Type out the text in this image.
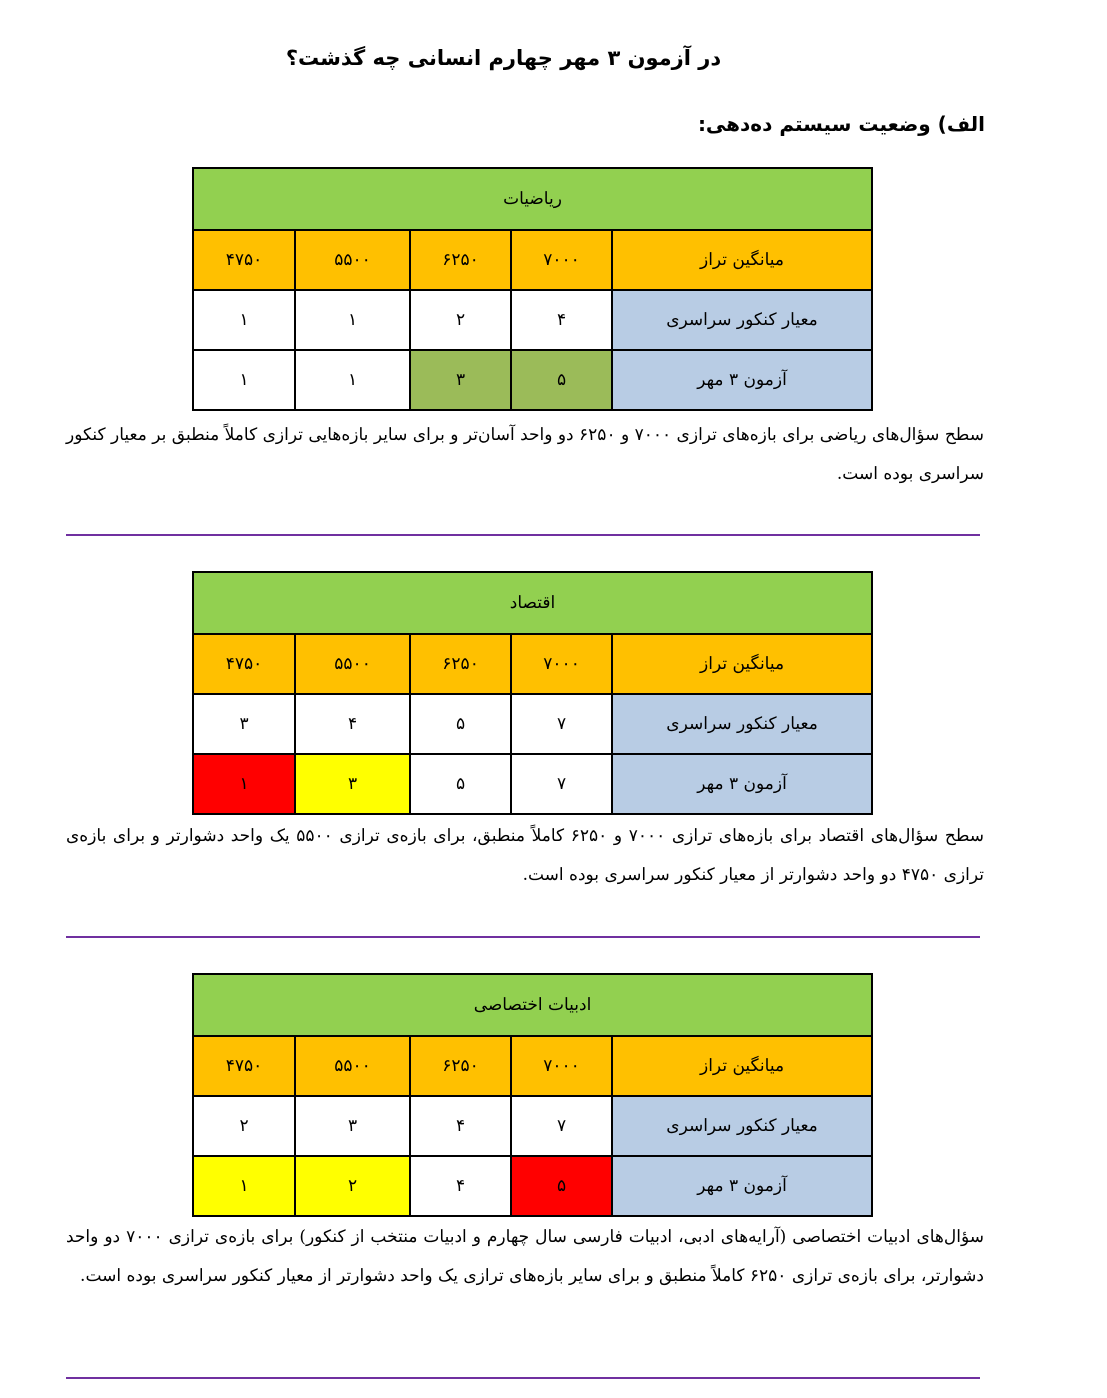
در آزمون ۳ مهر چهارم انسانی چه گذشت؟
الف) وضعیت سیستم ده‌دهی:
ریاضیات				
میانگین تراز	۷۰۰۰	۶۲۵۰	۵۵۰۰	۴۷۵۰
معیار کنکور سراسری	۴	۲	۱	۱
آزمون ۳ مهر	۵	۳	۱	۱

سطح سؤال‌های ریاضی برای بازه‌های ترازی ۷۰۰۰ و ۶۲۵۰ دو واحد آسان‌تر و برای سایر بازه‌هایی ترازی کاملاً منطبق بر معیار کنکور سراسری بوده است.

اقتصاد				
میانگین تراز	۷۰۰۰	۶۲۵۰	۵۵۰۰	۴۷۵۰
معیار کنکور سراسری	۷	۵	۴	۳
آزمون ۳ مهر	۷	۵	۳	۱

سطح سؤال‌های اقتصاد برای بازه‌های ترازی ۷۰۰۰ و ۶۲۵۰ کاملاً منطبق، برای بازه‌ی ترازی ۵۵۰۰ یک واحد دشوارتر و برای بازه‌ی ترازی ۴۷۵۰ دو واحد دشوارتر از معیار کنکور سراسری بوده است.

ادبیات اختصاصی				
میانگین تراز	۷۰۰۰	۶۲۵۰	۵۵۰۰	۴۷۵۰
معیار کنکور سراسری	۷	۴	۳	۲
آزمون ۳ مهر	۵	۴	۲	۱

سؤال‌های ادبیات اختصاصی (آرایه‌های ادبی، ادبیات فارسی سال چهارم و ادبیات منتخب از کنکور) برای بازه‌ی ترازی ۷۰۰۰ دو واحد دشوارتر، برای بازه‌ی ترازی ۶۲۵۰ کاملاً منطبق و برای سایر بازه‌های ترازی یک واحد دشوارتر از معیار کنکور سراسری بوده است.
